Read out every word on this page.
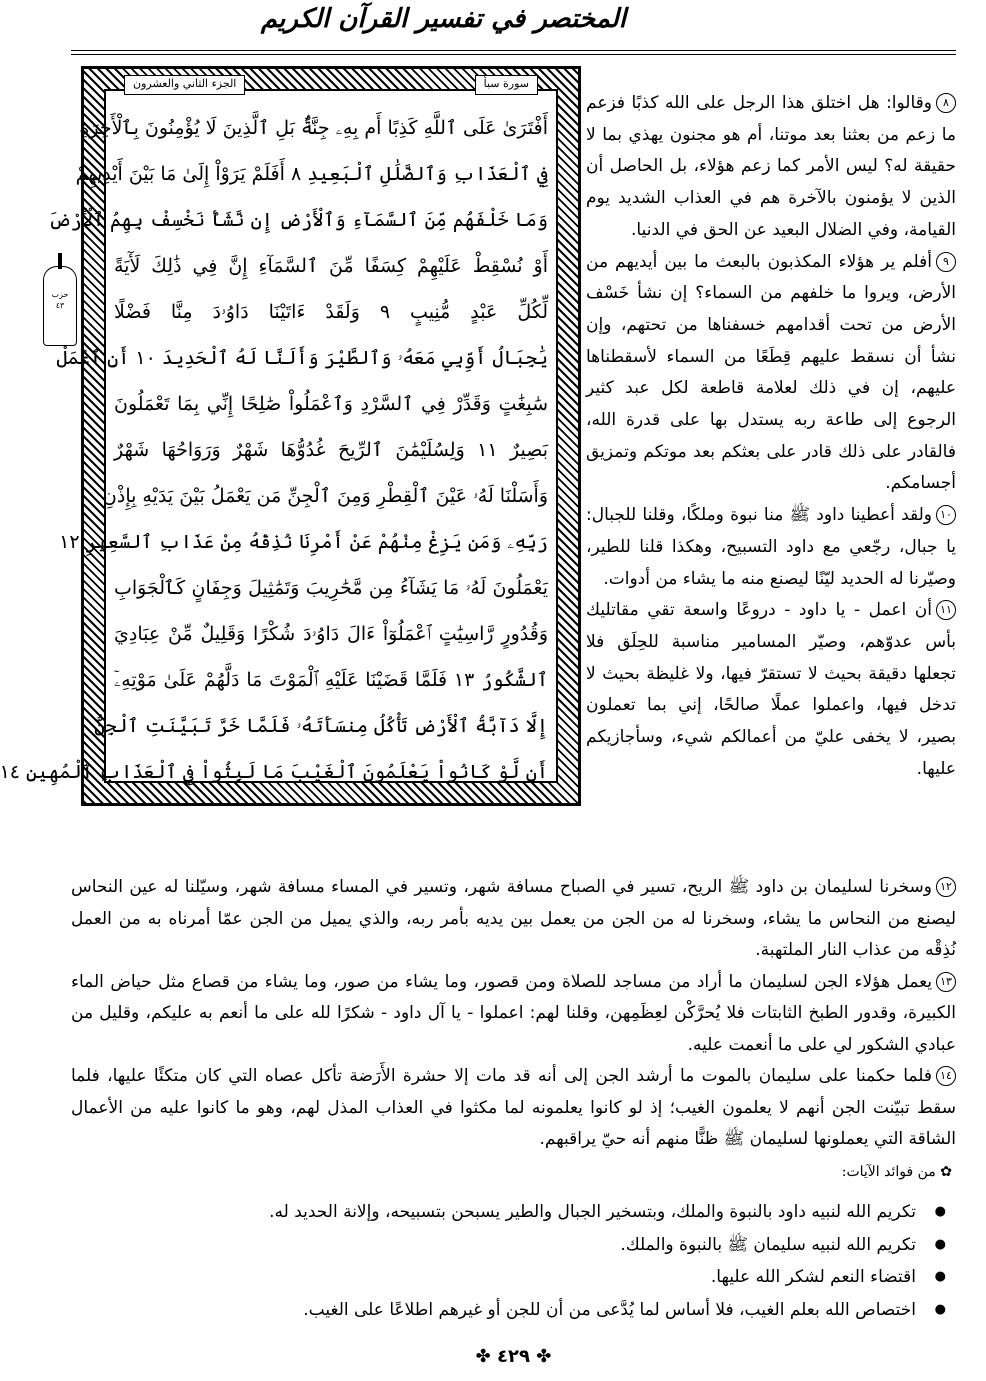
المختصر في تفسير القرآن الكريم
حزب
٤٣
سورة سبأ
الجزء الثاني والعشرون
أَفْتَرَىٰ عَلَى ٱللَّهِ كَذِبًا أَم بِهِۦ جِنَّةٌۢ بَلِ ٱلَّذِينَ لَا يُؤْمِنُونَ بِٱلْأَخِرَةِ
فِي ٱلْعَذَابِ وَٱلضَّلَٰلِ ٱلْبَعِيدِ ٨ أَفَلَمْ يَرَوْاْ إِلَىٰ مَا بَيْنَ أَيْدِيهِمْ
وَمَا خَلْفَهُم مِّنَ ٱلسَّمَآءِ وَٱلْأَرْضِ إِن نَّشَأْ نَخْسِفْ بِهِمُ ٱلْأَرْضَ
أَوْ نُسْقِطْ عَلَيْهِمْ كِسَفًا مِّنَ ٱلسَّمَآءِ إِنَّ فِي ذَٰلِكَ لَأٓيَةً
لِّكُلِّ عَبْدٍ مُّنِيبٍ ٩ وَلَقَدْ ءَاتَيْنَا دَاوُۥدَ مِنَّا فَضْلًا
يَٰجِبَالُ أَوِّبِي مَعَهُۥ وَٱلطَّيْرَ وَأَلَنَّا لَهُ ٱلْحَدِيدَ ١٠ أَنِ ٱعْمَلْ
سَٰبِغَٰتٍ وَقَدِّرْ فِي ٱلسَّرْدِ وَٱعْمَلُواْ صَٰلِحًا إِنِّي بِمَا تَعْمَلُونَ
بَصِيرٌ ١١ وَلِسُلَيْمَٰنَ ٱلرِّيحَ غُدُوُّهَا شَهْرٌ وَرَوَاحُهَا شَهْرٌ
وَأَسَلْنَا لَهُۥ عَيْنَ ٱلْقِطْرِ وَمِنَ ٱلْجِنِّ مَن يَعْمَلُ بَيْنَ يَدَيْهِ بِإِذْنِ
رَبِّهِۦ وَمَن يَزِغْ مِنْهُمْ عَنْ أَمْرِنَا نُذِقْهُ مِنْ عَذَابِ ٱلسَّعِيرِ ١٢
يَعْمَلُونَ لَهُۥ مَا يَشَآءُ مِن مَّحَٰرِيبَ وَتَمَٰثِيلَ وَجِفَانٍ كَٱلْجَوَابِ
وَقُدُورٍ رَّاسِيَٰتٍ ٱعْمَلُوٓاْ ءَالَ دَاوُۥدَ شُكْرًا وَقَلِيلٌ مِّنْ عِبَادِيَ
ٱلشَّكُورُ ١٣ فَلَمَّا قَضَيْنَا عَلَيْهِ ٱلْمَوْتَ مَا دَلَّهُمْ عَلَىٰ مَوْتِهِۦٓ
إِلَّا دَآبَّةُ ٱلْأَرْضِ تَأْكُلُ مِنسَأَتَهُۥ فَلَمَّا خَرَّ تَبَيَّنَتِ ٱلْجِنُّ
أَن لَّوْ كَانُواْ يَعْلَمُونَ ٱلْغَيْبَ مَا لَبِثُواْ فِي ٱلْعَذَابِ ٱلْمُهِينِ ١٤

٨وقالوا: هل اختلق هذا الرجل على الله كذبًا فزعم ما زعم من بعثنا بعد موتنا، أم هو مجنون يهذي بما لا حقيقة له؟ ليس الأمر كما زعم هؤلاء، بل الحاصل أن الذين لا يؤمنون بالآخرة هم في العذاب الشديد يوم القيامة، وفي الضلال البعيد عن الحق في الدنيا.

٩أفلم ير هؤلاء المكذبون بالبعث ما بين أيديهم من الأرض، ويروا ما خلفهم من السماء؟ إن نشأ خَسْف الأرض من تحت أقدامهم خسفناها من تحتهم، وإن نشأ أن نسقط عليهم قِطَعًا من السماء لأسقطناها عليهم، إن في ذلك لعلامة قاطعة لكل عبد كثير الرجوع إلى طاعة ربه يستدل بها على قدرة الله، فالقادر على ذلك قادر على بعثكم بعد موتكم وتمزيق أجسامكم.

١٠ولقد أعطينا داود ﷺ منا نبوة وملكًا، وقلنا للجبال: يا جبال، رجّعي مع داود التسبيح، وهكذا قلنا للطير، وصيّرنا له الحديد ليّنًا ليصنع منه ما يشاء من أدوات.

١١أن اعمل - يا داود - دروعًا واسعة تقي مقاتليك بأس عدوّهم، وصيّر المسامير مناسبة للحِلَق فلا تجعلها دقيقة بحيث لا تستقرّ فيها، ولا غليظة بحيث لا تدخل فيها، واعملوا عملًا صالحًا، إني بما تعملون بصير، لا يخفى عليّ من أعمالكم شيء، وسأجازيكم عليها.

١٢وسخرنا لسليمان بن داود ﷺ الريح، تسير في الصباح مسافة شهر، وتسير في المساء مسافة شهر، وسيّلنا له عين النحاس ليصنع من النحاس ما يشاء، وسخرنا له من الجن من يعمل بين يديه بأمر ربه، والذي يميل من الجن عمّا أمرناه به من العمل نُذِقْه من عذاب النار الملتهبة.

١٣يعمل هؤلاء الجن لسليمان ما أراد من مساجد للصلاة ومن قصور، وما يشاء من صور، وما يشاء من قصاع مثل حياض الماء الكبيرة، وقدور الطبخ الثابتات فلا يُحرَّكْن لعِظَمِهن، وقلنا لهم: اعملوا - يا آل داود - شكرًا لله على ما أنعم به عليكم، وقليل من عبادي الشكور لي على ما أنعمت عليه.

١٤فلما حكمنا على سليمان بالموت ما أرشد الجن إلى أنه قد مات إلا حشرة الأَرَضة تأكل عصاه التي كان متكئًا عليها، فلما سقط تبيّنت الجن أنهم لا يعلمون الغيب؛ إذ لو كانوا يعلمونه لما مكثوا في العذاب المذل لهم، وهو ما كانوا عليه من الأعمال الشاقة التي يعملونها لسليمان ﷺ ظنًّا منهم أنه حيّ يراقبهم.

✿ من فوائد الآيات:
● تكريم الله لنبيه داود بالنبوة والملك، وبتسخير الجبال والطير يسبحن بتسبيحه، وإلانة الحديد له.
● تكريم الله لنبيه سليمان ﷺ بالنبوة والملك.
● اقتضاء النعم لشكر الله عليها.
● اختصاص الله بعلم الغيب، فلا أساس لما يُدَّعى من أن للجن أو غيرهم اطلاعًا على الغيب.
✤ ٤٢٩ ✤
